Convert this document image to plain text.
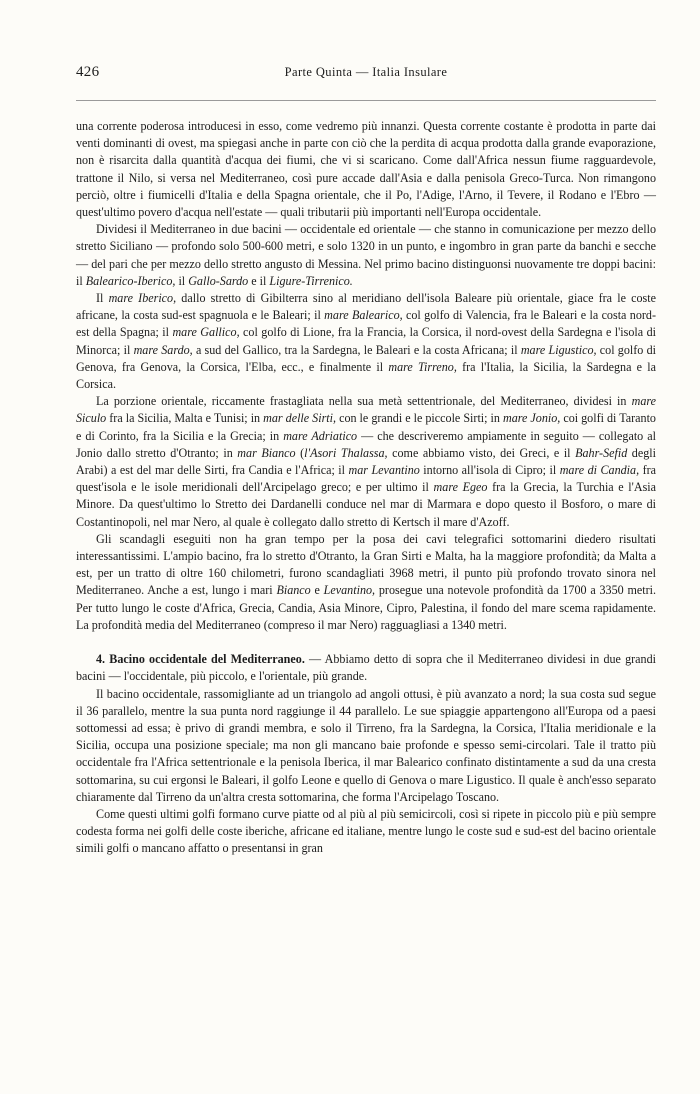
426	Parte Quinta — Italia Insulare

una corrente poderosa introducesi in esso, come vedremo più innanzi. Questa corrente costante è prodotta in parte dai venti dominanti di ovest, ma spiegasi anche in parte con ciò che la perdita di acqua prodotta dalla grande evaporazione, non è risarcita dalla quantità d'acqua dei fiumi, che vi si scaricano. Come dall'Africa nessun fiume ragguardevole, trattone il Nilo, si versa nel Mediterraneo, così pure accade dall'Asia e dalla penisola Greco-Turca. Non rimangono perciò, oltre i fiumicelli d'Italia e della Spagna orientale, che il Po, l'Adige, l'Arno, il Tevere, il Rodano e l'Ebro — quest'ultimo povero d'acqua nell'estate — quali tributarii più importanti nell'Europa occidentale.

Dividesi il Mediterraneo in due bacini — occidentale ed orientale — che stanno in comunicazione per mezzo dello stretto Siciliano — profondo solo 500-600 metri, e solo 1320 in un punto, e ingombro in gran parte da banchi e secche — del pari che per mezzo dello stretto angusto di Messina. Nel primo bacino distinguonsi nuovamente tre doppi bacini: il Balearico-Iberico, il Gallo-Sardo e il Ligure-Tirrenico.

Il mare Iberico, dallo stretto di Gibilterra sino al meridiano dell'isola Baleare più orientale, giace fra le coste africane, la costa sud-est spagnuola e le Baleari; il mare Balearico, col golfo di Valencia, fra le Baleari e la costa nord-est della Spagna; il mare Gallico, col golfo di Lione, fra la Francia, la Corsica, il nord-ovest della Sardegna e l'isola di Minorca; il mare Sardo, a sud del Gallico, tra la Sardegna, le Baleari e la costa Africana; il mare Ligustico, col golfo di Genova, fra Genova, la Corsica, l'Elba, ecc., e finalmente il mare Tirreno, fra l'Italia, la Sicilia, la Sardegna e la Corsica.

La porzione orientale, riccamente frastagliata nella sua metà settentrionale, del Mediterraneo, dividesi in mare Siculo fra la Sicilia, Malta e Tunisi; in mar delle Sirti, con le grandi e le piccole Sirti; in mare Jonio, coi golfi di Taranto e di Corinto, fra la Sicilia e la Grecia; in mare Adriatico — che descriveremo ampiamente in seguito — collegato al Jonio dallo stretto d'Otranto; in mar Bianco (l'Asori Thalassa, come abbiamo visto, dei Greci, e il Bahr-Sefid degli Arabi) a est del mar delle Sirti, fra Candia e l'Africa; il mar Levantino intorno all'isola di Cipro; il mare di Candia, fra quest'isola e le isole meridionali dell'Arcipelago greco; e per ultimo il mare Egeo fra la Grecia, la Turchia e l'Asia Minore. Da quest'ultimo lo Stretto dei Dardanelli conduce nel mar di Marmara e dopo questo il Bosforo, o mare di Costantinopoli, nel mar Nero, al quale è collegato dallo stretto di Kertsch il mare d'Azoff.

Gli scandagli eseguiti non ha gran tempo per la posa dei cavi telegrafici sottomarini diedero risultati interessantissimi. L'ampio bacino, fra lo stretto d'Otranto, la Gran Sirti e Malta, ha la maggiore profondità; da Malta a est, per un tratto di oltre 160 chilometri, furono scandagliati 3968 metri, il punto più profondo trovato sinora nel Mediterraneo. Anche a est, lungo i mari Bianco e Levantino, prosegue una notevole profondità da 1700 a 3350 metri. Per tutto lungo le coste d'Africa, Grecia, Candia, Asia Minore, Cipro, Palestina, il fondo del mare scema rapidamente. La profondità media del Mediterraneo (compreso il mar Nero) ragguagliasi a 1340 metri.

4. Bacino occidentale del Mediterraneo. — Abbiamo detto di sopra che il Mediterraneo dividesi in due grandi bacini — l'occidentale, più piccolo, e l'orientale, più grande.

Il bacino occidentale, rassomigliante ad un triangolo ad angoli ottusi, è più avanzato a nord; la sua costa sud segue il 36 parallelo, mentre la sua punta nord raggiunge il 44 parallelo. Le sue spiaggie appartengono all'Europa od a paesi sottomessi ad essa; è privo di grandi membra, e solo il Tirreno, fra la Sardegna, la Corsica, l'Italia meridionale e la Sicilia, occupa una posizione speciale; ma non gli mancano baie profonde e spesso semi-circolari. Tale il tratto più occidentale fra l'Africa settentrionale e la penisola Iberica, il mar Balearico confinato distintamente a sud da una cresta sottomarina, su cui ergonsi le Baleari, il golfo Leone e quello di Genova o mare Ligustico. Il quale è anch'esso separato chiaramente dal Tirreno da un'altra cresta sottomarina, che forma l'Arcipelago Toscano.

Come questi ultimi golfi formano curve piatte od al più al più semicircoli, così si ripete in piccolo più e più sempre codesta forma nei golfi delle coste iberiche, africane ed italiane, mentre lungo le coste sud e sud-est del bacino orientale simili golfi o mancano affatto o presentansi in gran
